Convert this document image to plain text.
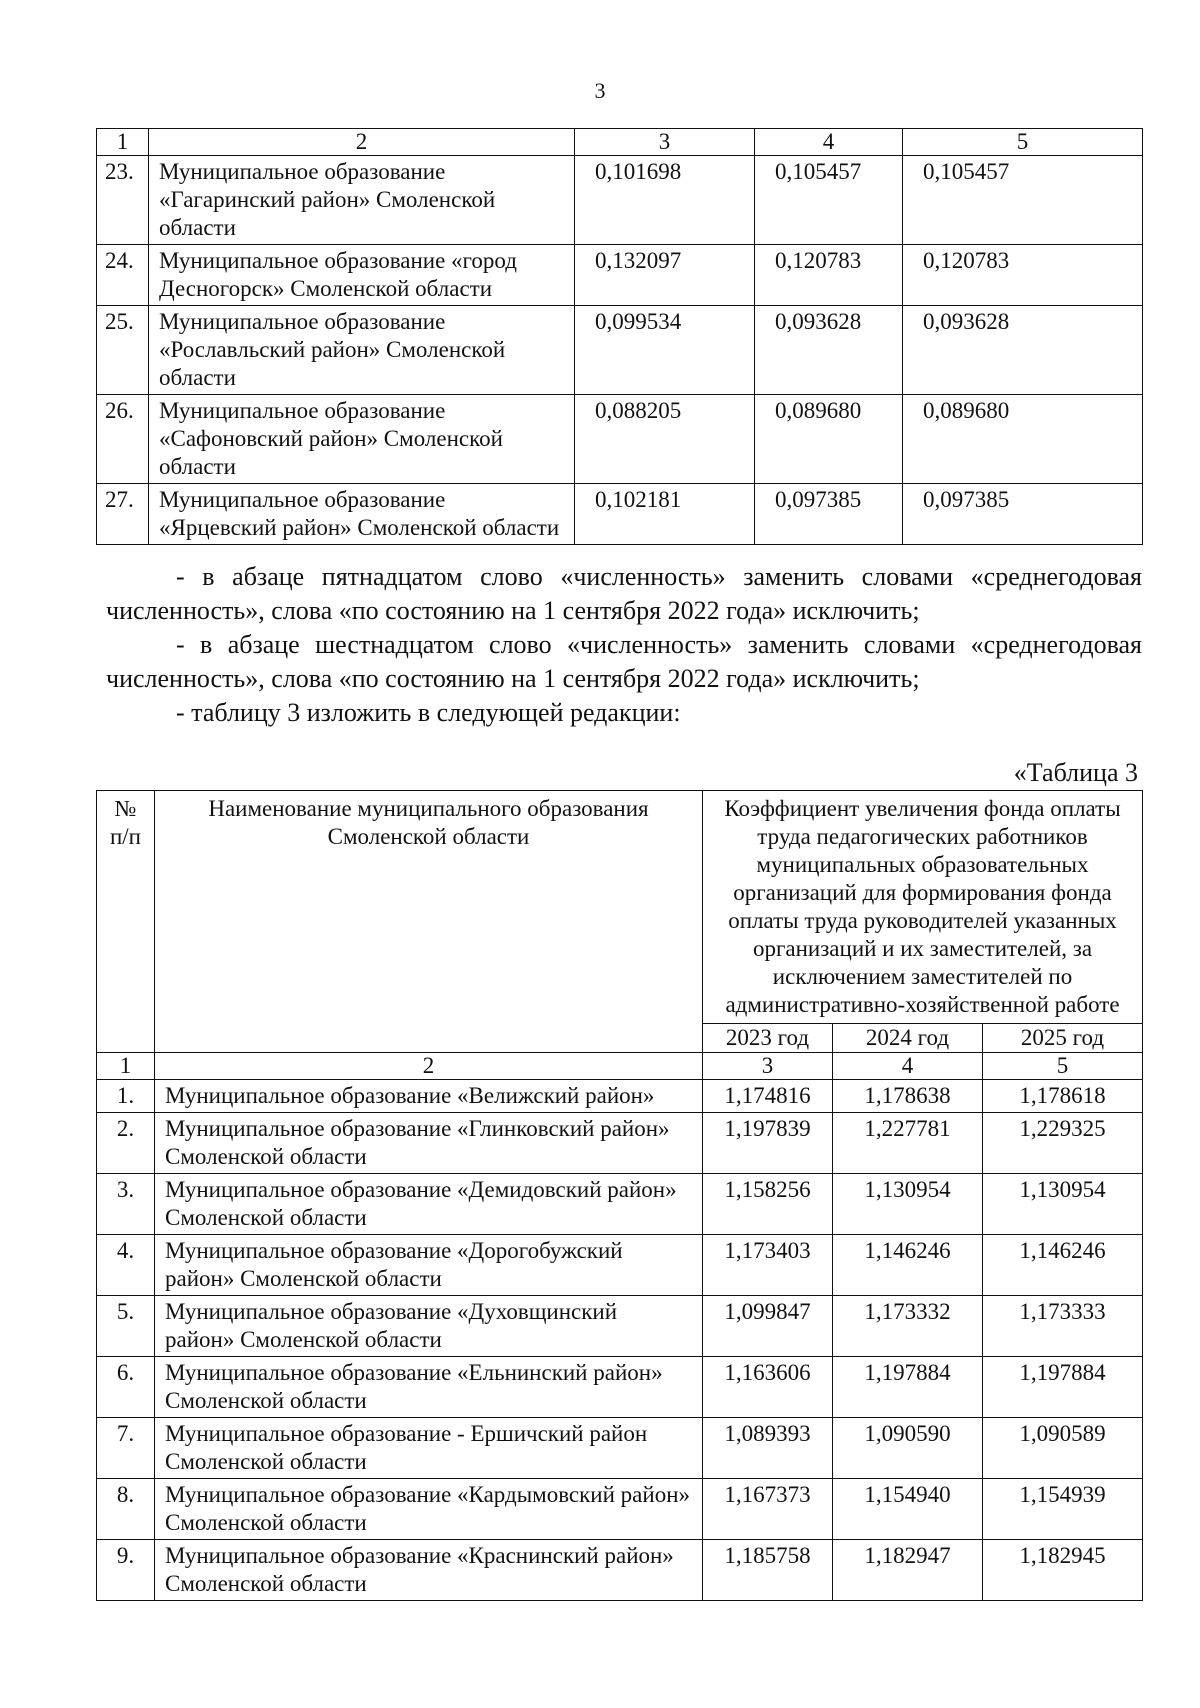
3
1	2	3	4	5
23.	Муниципальное образование «Гагаринский район» Смоленской области	0,101698	0,105457	0,105457
24.	Муниципальное образование «город Десногорск» Смоленской области	0,132097	0,120783	0,120783
25.	Муниципальное образование «Рославльский район» Смоленской области	0,099534	0,093628	0,093628
26.	Муниципальное образование «Сафоновский район» Смоленской области	0,088205	0,089680	0,089680
27.	Муниципальное образование «Ярцевский район» Смоленской области	0,102181	0,097385	0,097385

- в абзаце пятнадцатом слово «численность» заменить словами «среднегодовая численность», слова «по состоянию на 1 сентября 2022 года» исключить;

- в абзаце шестнадцатом слово «численность» заменить словами «среднегодовая численность», слова «по состоянию на 1 сентября 2022 года» исключить;

- таблицу 3 изложить в следующей редакции:

«Таблица 3
№ п/п	Наименование муниципального образования Смоленской области	Коэффициент увеличения фонда оплаты труда педагогических работников муниципальных образовательных организаций для формирования фонда оплаты труда руководителей указанных организаций и их заместителей, за исключением заместителей по административно-хозяйственной работе		
		2023 год	2024 год	2025 год
1	2	3	4	5
1.	Муниципальное образование «Велижский район»	1,174816	1,178638	1,178618
2.	Муниципальное образование «Глинковский район» Смоленской области	1,197839	1,227781	1,229325
3.	Муниципальное образование «Демидовский район» Смоленской области	1,158256	1,130954	1,130954
4.	Муниципальное образование «Дорогобужский район» Смоленской области	1,173403	1,146246	1,146246
5.	Муниципальное образование «Духовщинский район» Смоленской области	1,099847	1,173332	1,173333
6.	Муниципальное образование «Ельнинский район» Смоленской области	1,163606	1,197884	1,197884
7.	Муниципальное образование - Ершичский район Смоленской области	1,089393	1,090590	1,090589
8.	Муниципальное образование «Кардымовский район» Смоленской области	1,167373	1,154940	1,154939
9.	Муниципальное образование «Краснинский район» Смоленской области	1,185758	1,182947	1,182945
